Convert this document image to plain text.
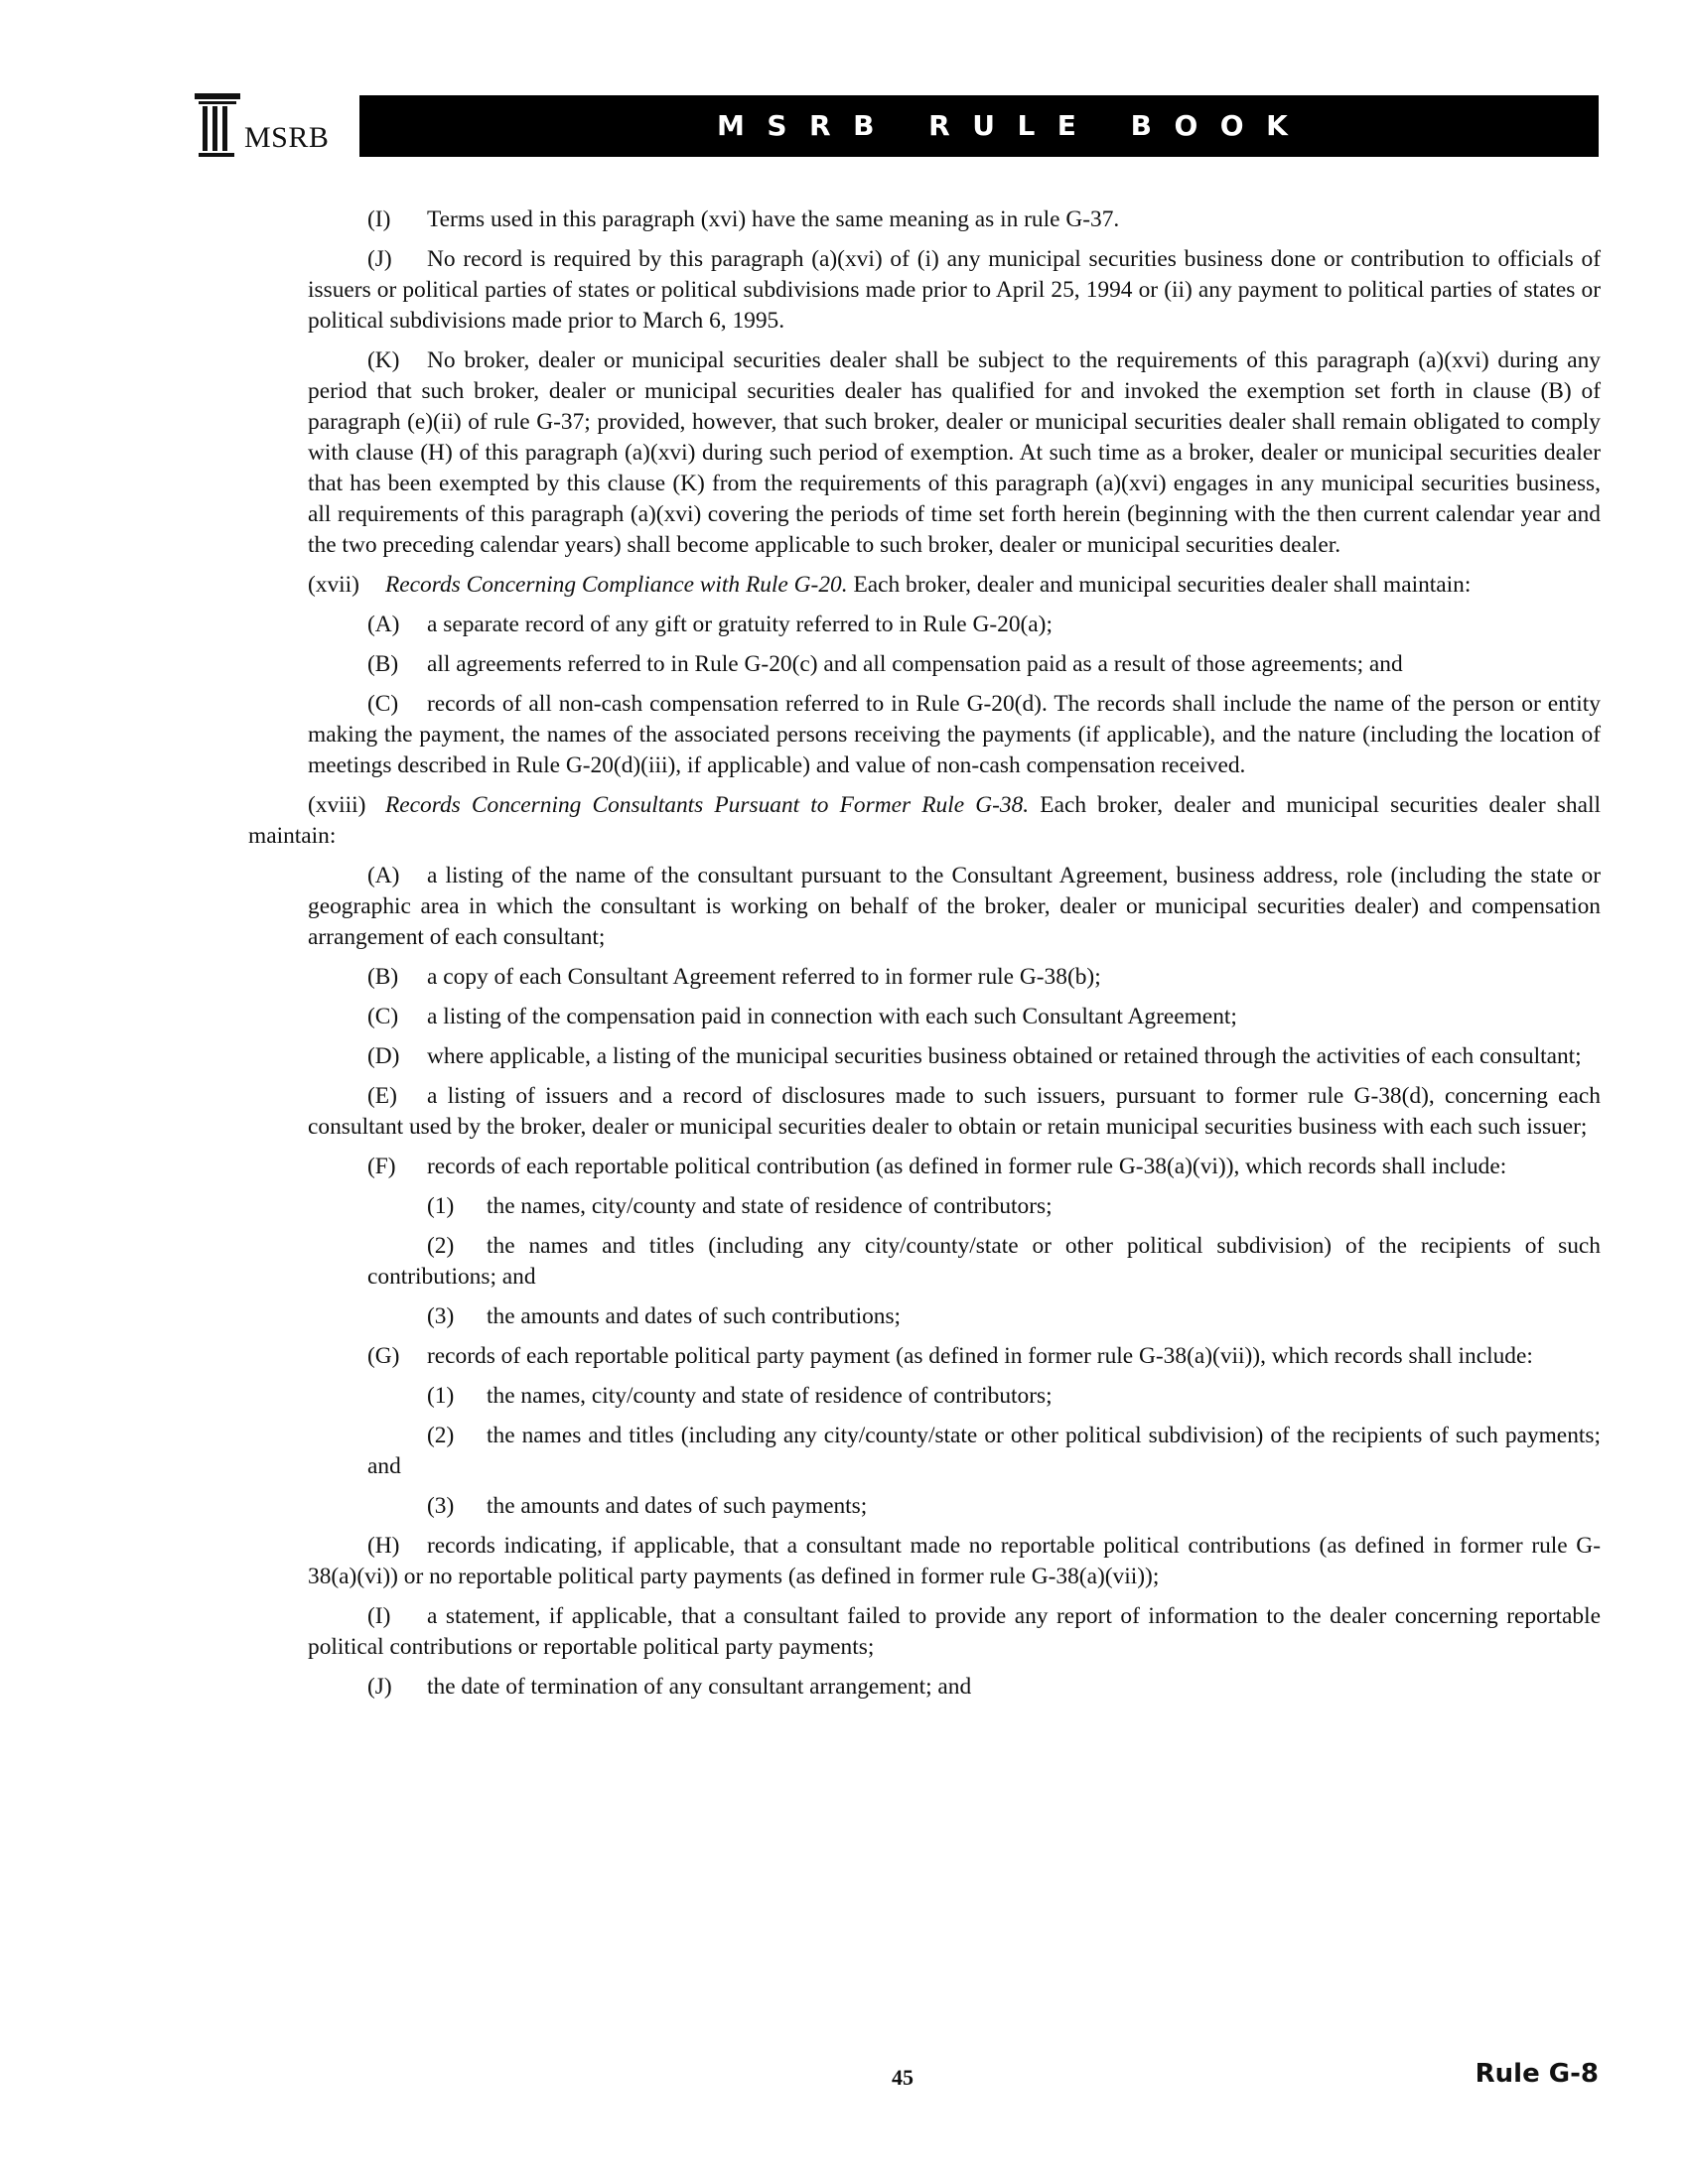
MSRB	M  S  R  B     R  U  L  E     B  O  O  K
(I) Terms used in this paragraph (xvi) have the same meaning as in rule G-37.
(J) No record is required by this paragraph (a)(xvi) of (i) any municipal securities business done or contribution to officials of issuers or political parties of states or political subdivisions made prior to April 25, 1994 or (ii) any payment to political parties of states or political subdivisions made prior to March 6, 1995.
(K) No broker, dealer or municipal securities dealer shall be subject to the requirements of this paragraph (a)(xvi) during any period that such broker, dealer or municipal securities dealer has qualified for and invoked the exemption set forth in clause (B) of paragraph (e)(ii) of rule G-37; provided, however, that such broker, dealer or municipal securities dealer shall remain obligated to comply with clause (H) of this paragraph (a)(xvi) during such period of exemption. At such time as a broker, dealer or municipal securities dealer that has been exempted by this clause (K) from the requirements of this paragraph (a)(xvi) engages in any municipal securities business, all requirements of this paragraph (a)(xvi) covering the periods of time set forth herein (beginning with the then current calendar year and the two preceding calendar years) shall become applicable to such broker, dealer or municipal securities dealer.
(xvii) Records Concerning Compliance with Rule G-20. Each broker, dealer and municipal securities dealer shall maintain:
(A) a separate record of any gift or gratuity referred to in Rule G-20(a);
(B) all agreements referred to in Rule G-20(c) and all compensation paid as a result of those agreements; and
(C) records of all non-cash compensation referred to in Rule G-20(d). The records shall include the name of the person or entity making the payment, the names of the associated persons receiving the payments (if applicable), and the nature (including the location of meetings described in Rule G-20(d)(iii), if applicable) and value of non-cash compensation received.
(xviii) Records Concerning Consultants Pursuant to Former Rule G-38. Each broker, dealer and municipal securities dealer shall maintain:
(A) a listing of the name of the consultant pursuant to the Consultant Agreement, business address, role (including the state or geographic area in which the consultant is working on behalf of the broker, dealer or municipal securities dealer) and compensation arrangement of each consultant;
(B) a copy of each Consultant Agreement referred to in former rule G-38(b);
(C) a listing of the compensation paid in connection with each such Consultant Agreement;
(D) where applicable, a listing of the municipal securities business obtained or retained through the activities of each consultant;
(E) a listing of issuers and a record of disclosures made to such issuers, pursuant to former rule G-38(d), concerning each consultant used by the broker, dealer or municipal securities dealer to obtain or retain municipal securities business with each such issuer;
(F) records of each reportable political contribution (as defined in former rule G-38(a)(vi)), which records shall include:
(1) the names, city/county and state of residence of contributors;
(2) the names and titles (including any city/county/state or other political subdivision) of the recipients of such contributions; and
(3) the amounts and dates of such contributions;
(G) records of each reportable political party payment (as defined in former rule G-38(a)(vii)), which records shall include:
(1) the names, city/county and state of residence of contributors;
(2) the names and titles (including any city/county/state or other political subdivision) of the recipients of such payments; and
(3) the amounts and dates of such payments;
(H) records indicating, if applicable, that a consultant made no reportable political contributions (as defined in former rule G-38(a)(vi)) or no reportable political party payments (as defined in former rule G-38(a)(vii));
(I) a statement, if applicable, that a consultant failed to provide any report of information to the dealer concerning reportable political contributions or reportable political party payments;
(J) the date of termination of any consultant arrangement; and
45	Rule G-8
